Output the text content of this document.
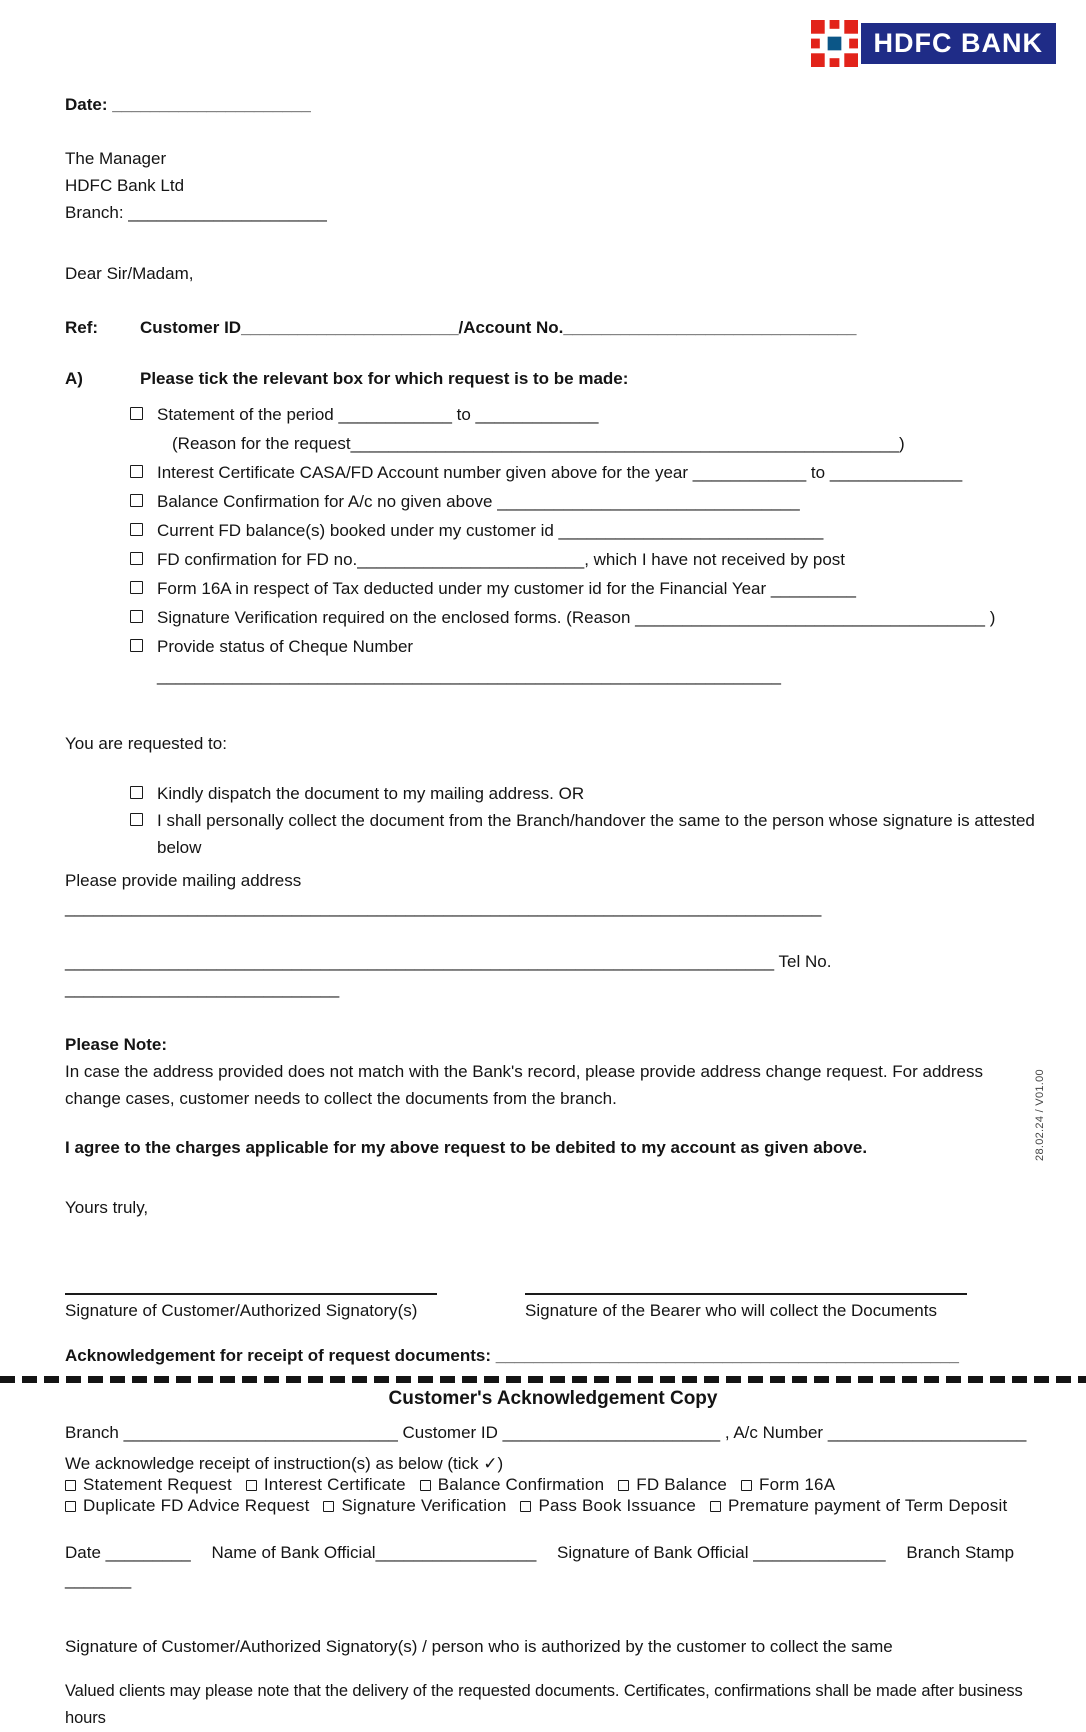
HDFC BANK
Date: _____________________
The Manager
HDFC Bank Ltd
Branch: _____________________
Dear Sir/Madam,
Ref:	Customer ID_______________________/Account No._______________________________
A)	Please tick the relevant box for which request is to be made:
Statement of the period ____________ to _____________
(Reason for the request__________________________________________________________)
Interest Certificate CASA/FD Account number given above for the year ____________ to ______________
Balance Confirmation for A/c no given above ________________________________
Current FD balance(s) booked under my customer id ____________________________
FD confirmation for FD no.________________________, which I have not received by post
Form 16A in respect of Tax deducted under my customer id for the Financial Year _________
Signature Verification required on the enclosed forms. (Reason _____________________________________ )
Provide status of Cheque Number __________________________________________________________________
You are requested to:
Kindly dispatch the document to my mailing address. OR
I shall personally collect the document from the Branch/handover the same to the person whose signature is attested below
Please provide mailing address ________________________________________________________________________________
___________________________________________________________________________ Tel No. _____________________________
Please Note:
In case the address provided does not match with the Bank's record, please provide address change request. For address change cases, customer needs to collect the documents from the branch.
I agree to the charges applicable for my above request to be debited to my account as given above.
Yours truly,
Signature of Customer/Authorized Signatory(s)	Signature of the Bearer who will collect the Documents
Acknowledgement for receipt of request documents: _________________________________________________
Customer's Acknowledgement Copy
Branch _____________________________ Customer ID _______________________ , A/c Number _____________________
We acknowledge receipt of instruction(s) as below (tick ✓)
Statement Request Interest Certificate Balance Confirmation FD Balance Form 16A
Duplicate FD Advice Request Signature Verification Pass Book Issuance Premature payment of Term Deposit
Date _________ Name of Bank Official_________________ Signature of Bank Official ______________ Branch Stamp _______
Signature of Customer/Authorized Signatory(s) / person who is authorized by the customer to collect the same
Valued clients may please note that the delivery of the requested documents. Certificates, confirmations shall be made after business hours
28.02.24 / V01.00
